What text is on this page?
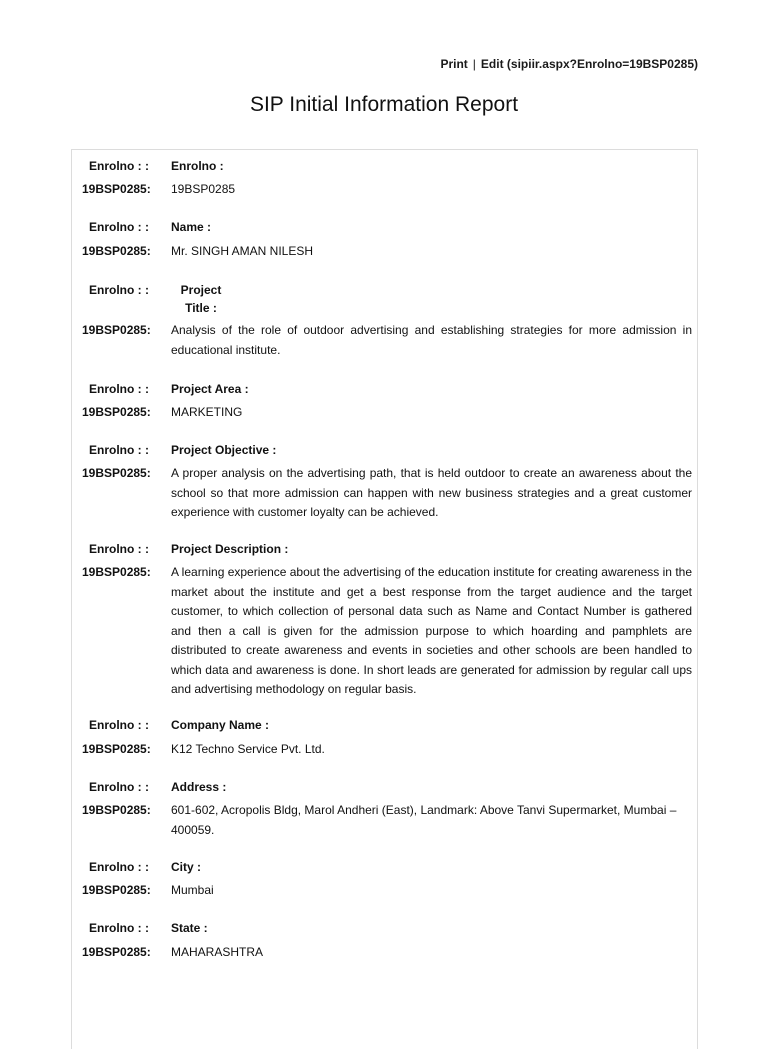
Print | Edit (sipiir.aspx?Enrolno=19BSP0285)
SIP Initial Information Report
Enrolno : : Enrolno :
19BSP0285: 19BSP0285
Enrolno : : Name :
19BSP0285: Mr. SINGH AMAN NILESH
Enrolno : :	Project
Title :
19BSP0285: Analysis of the role of outdoor advertising and establishing strategies for more admission in educational institute.
Enrolno : : Project Area :
19BSP0285: MARKETING
Enrolno : : Project Objective :
19BSP0285: A proper analysis on the advertising path, that is held outdoor to create an awareness about the school so that more admission can happen with new business strategies and a great customer experience with customer loyalty can be achieved.
Enrolno : : Project Description :
19BSP0285: A learning experience about the advertising of the education institute for creating awareness in the market about the institute and get a best response from the target audience and the target customer, to which collection of personal data such as Name and Contact Number is gathered and then a call is given for the admission purpose to which hoarding and pamphlets are distributed to create awareness and events in societies and other schools are been handled to which data and awareness is done. In short leads are generated for admission by regular call ups and advertising methodology on regular basis.
Enrolno : : Company Name :
19BSP0285: K12 Techno Service Pvt. Ltd.
Enrolno : : Address :
19BSP0285: 601-602, Acropolis Bldg, Marol Andheri (East), Landmark: Above Tanvi Supermarket, Mumbai – 400059.
Enrolno : : City :
19BSP0285: Mumbai
Enrolno : : State :
19BSP0285: MAHARASHTRA
